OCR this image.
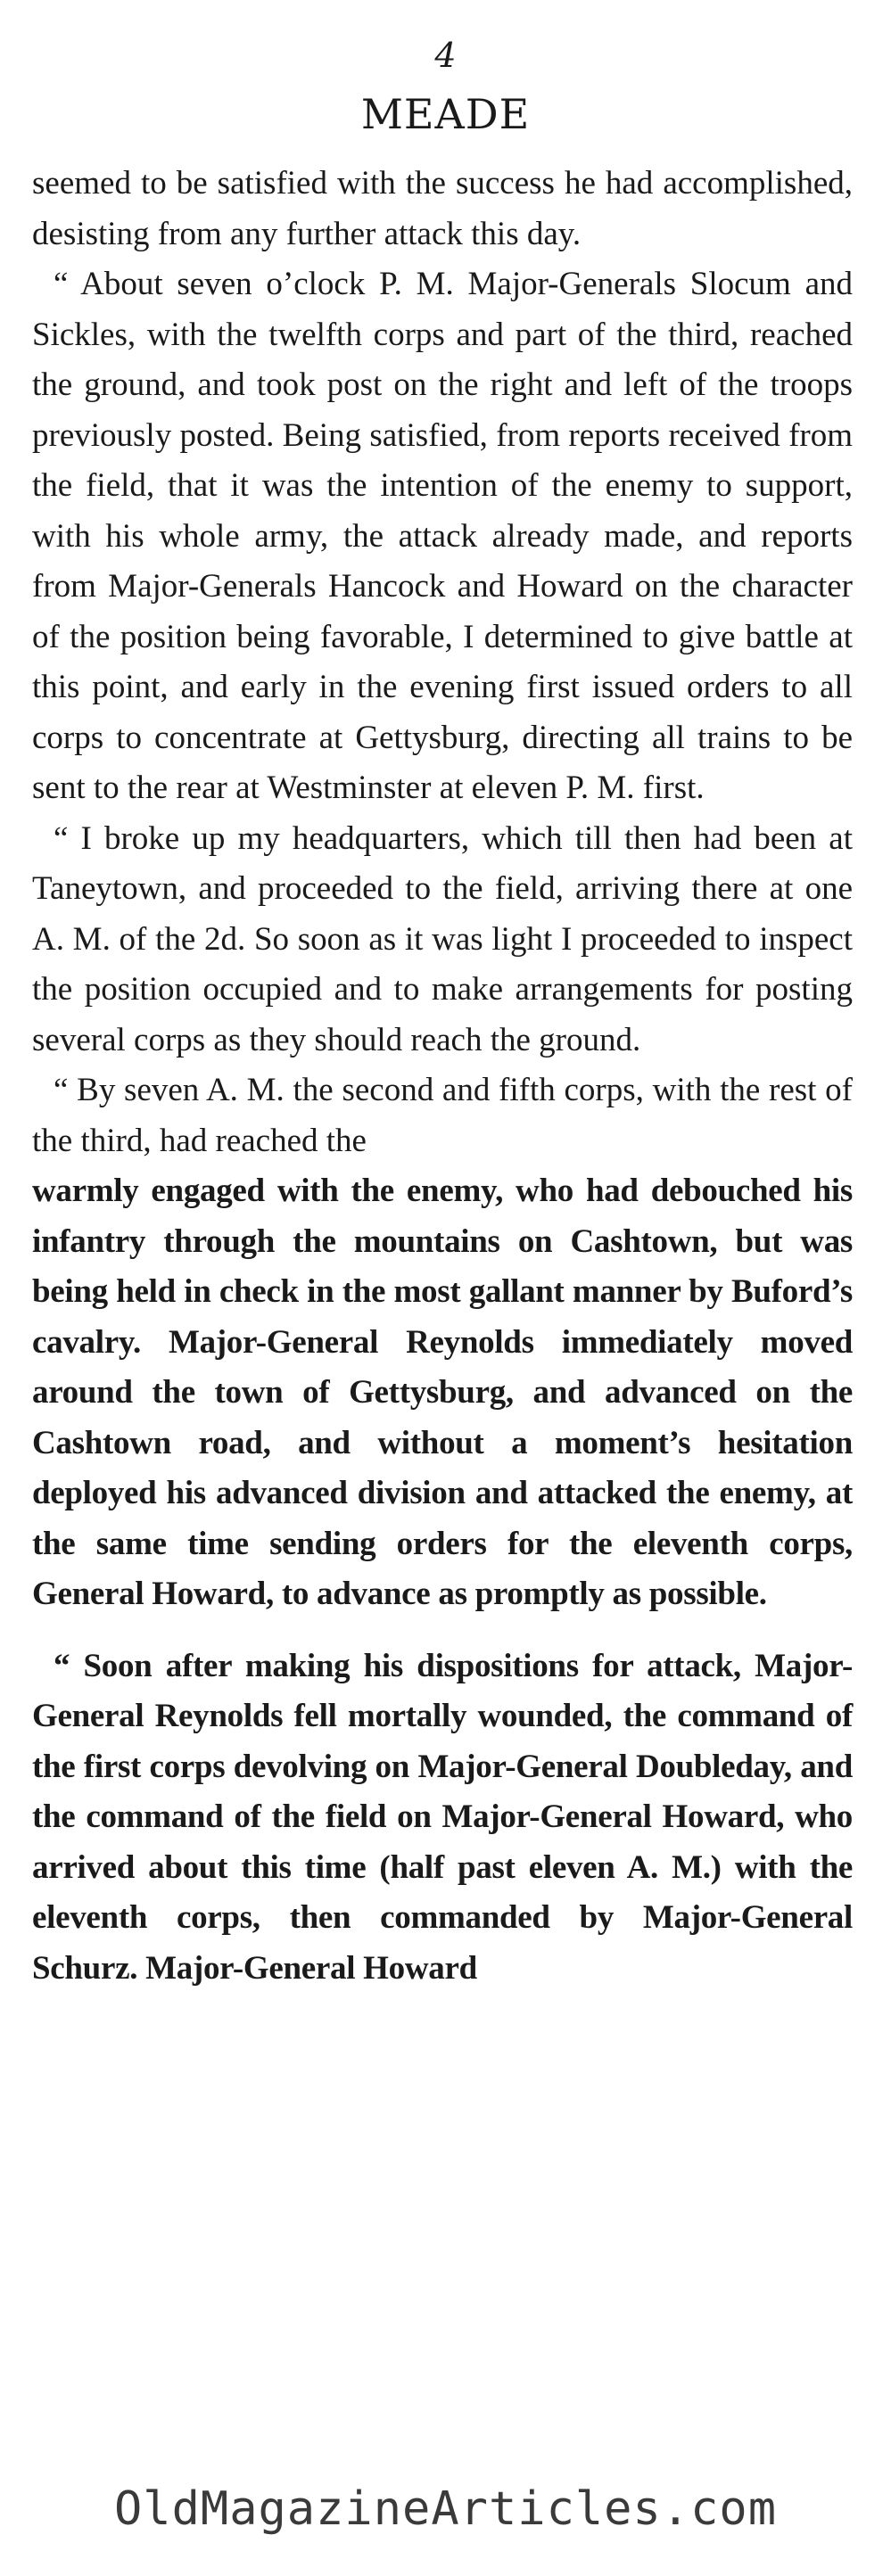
4
MEADE

seemed to be satisfied with the success he had accomplished, desisting from any further attack this day.

“ About seven o’clock P. M. Major-Generals Slocum and Sickles, with the twelfth corps and part of the third, reached the ground, and took post on the right and left of the troops previously posted. Being satisfied, from reports received from the field, that it was the intention of the enemy to support, with his whole army, the attack already made, and reports from Major-Generals Hancock and Howard on the character of the position being favorable, I determined to give battle at this point, and early in the evening first issued orders to all corps to concentrate at Gettysburg, directing all trains to be sent to the rear at Westminster at eleven P. M. first.

“ I broke up my headquarters, which till then had been at Taneytown, and proceeded to the field, arriving there at one A. M. of the 2d. So soon as it was light I proceeded to inspect the position occupied and to make arrangements for posting several corps as they should reach the ground.

“ By seven A. M. the second and fifth corps, with the rest of the third, had reached the

warmly engaged with the enemy, who had debouched his infantry through the mountains on Cashtown, but was being held in check in the most gallant manner by Buford’s cavalry. Major-General Reynolds immediately moved around the town of Gettysburg, and advanced on the Cashtown road, and without a moment’s hesitation deployed his advanced division and attacked the enemy, at the same time sending orders for the eleventh corps, General Howard, to advance as promptly as possible.

“ Soon after making his dispositions for attack, Major-General Reynolds fell mortally wounded, the command of the first corps devolving on Major-General Doubleday, and the command of the field on Major-General Howard, who arrived about this time (half past eleven A. M.) with the eleventh corps, then commanded by Major-General Schurz. Major-General Howard

OldMagazineArticles.com
